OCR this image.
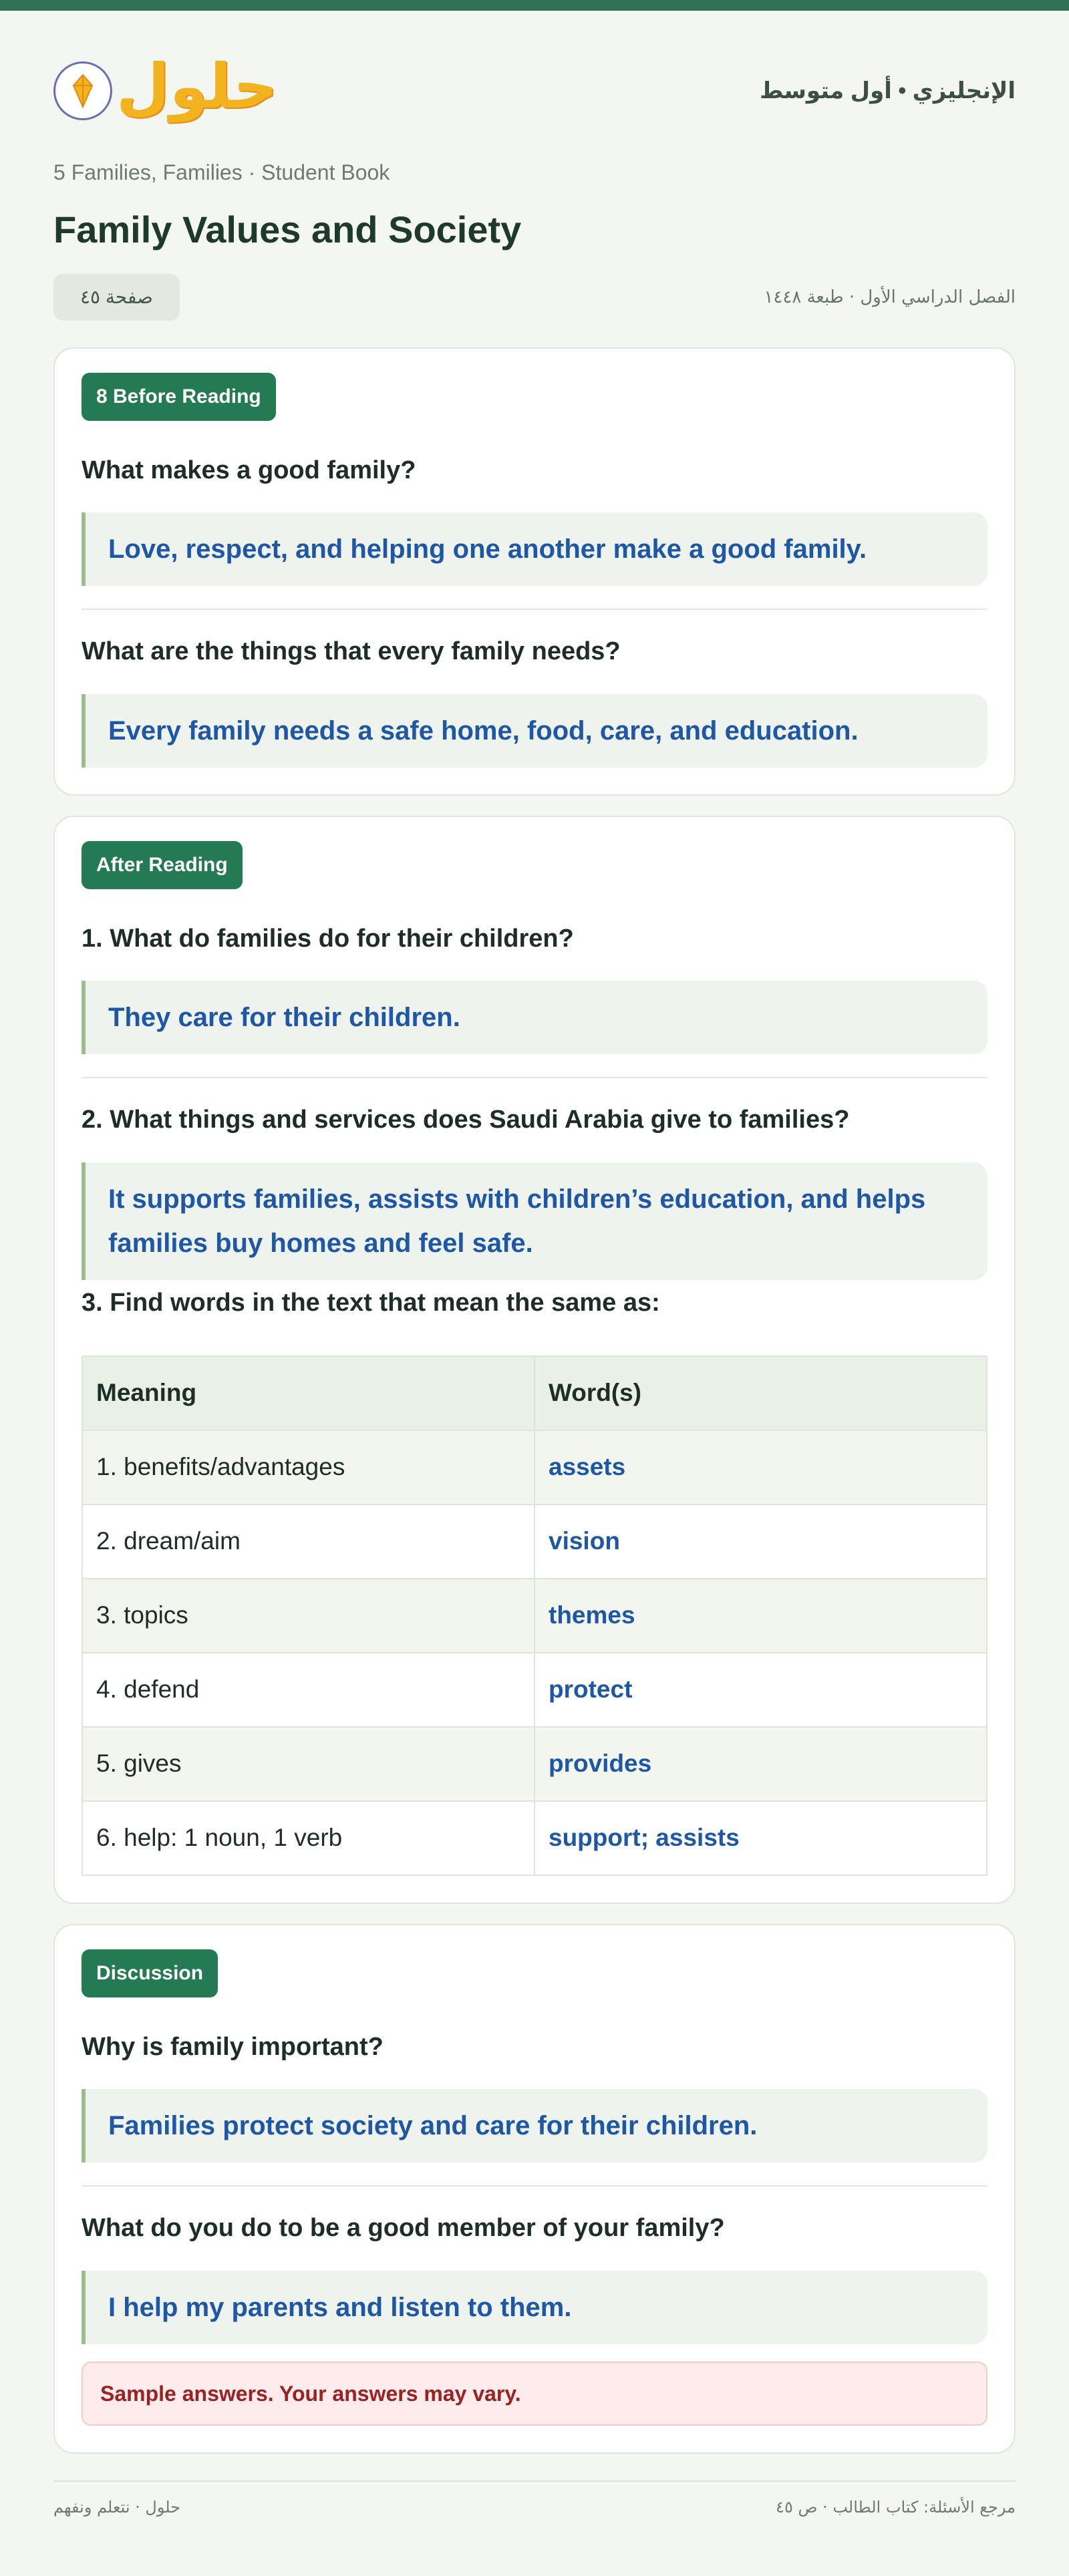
حلول	الإنجليزي • أول متوسط
5 Families, Families · Student Book
Family Values and Society
صفحة ٤٥	الفصل الدراسي الأول · طبعة ١٤٤٨
8 Before Reading
What makes a good family?
Love, respect, and helping one another make a good family.
What are the things that every family needs?
Every family needs a safe home, food, care, and education.
After Reading
1. What do families do for their children?
They care for their children.
2. What things and services does Saudi Arabia give to families?
It supports families, assists with children’s education, and helps families buy homes and feel safe.
3. Find words in the text that mean the same as:
Meaning	Word(s)
1. benefits/advantages	assets
2. dream/aim	vision
3. topics	themes
4. defend	protect
5. gives	provides
6. help: 1 noun, 1 verb	support; assists
Discussion
Why is family important?
Families protect society and care for their children.
What do you do to be a good member of your family?
I help my parents and listen to them.
Sample answers. Your answers may vary.
حلول · نتعلم ونفهم	مرجع الأسئلة: كتاب الطالب · ص ٤٥
